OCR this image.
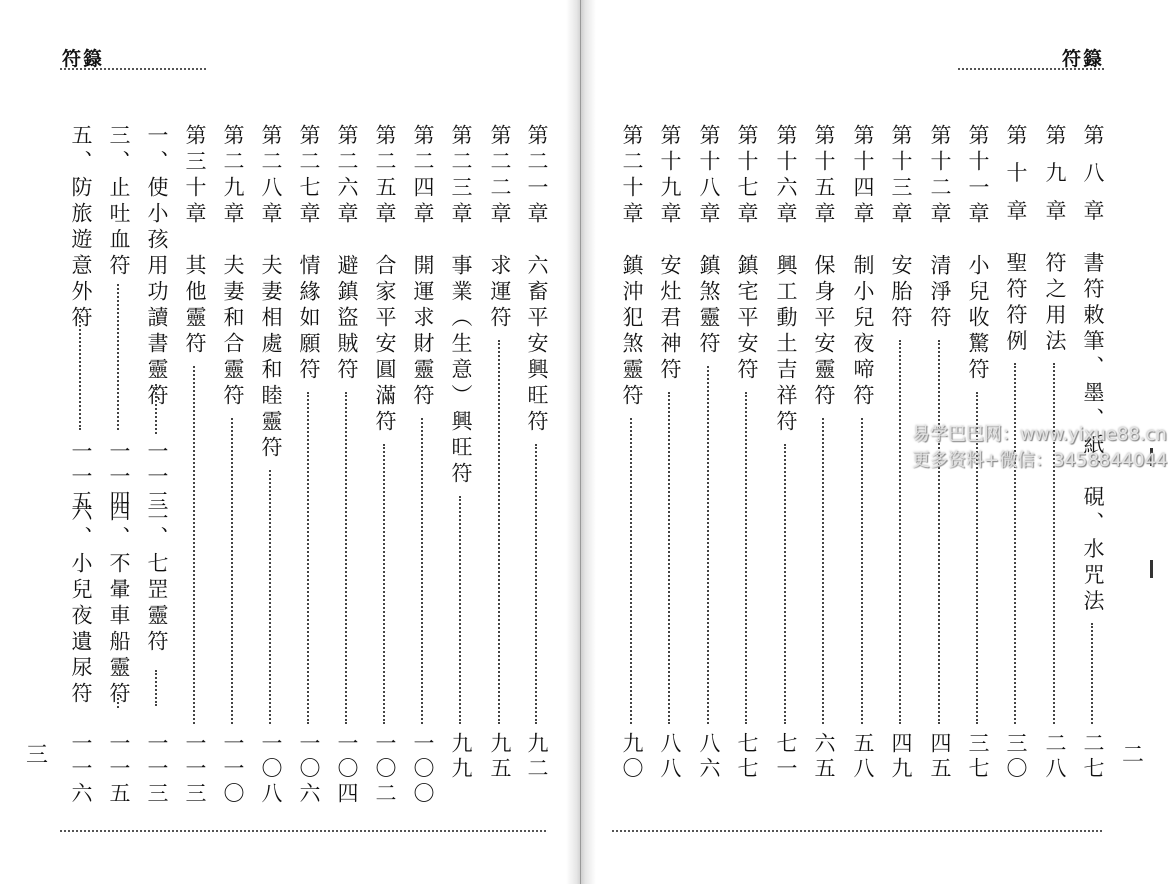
符籙	符籙
三	二
第 八 章　書符敕筆、墨、紙、硯、水咒法
二七
第 九 章　符之用法
二八
第 十 章　聖符符例
三〇
第十一章　小兒收驚符
三七
第十二章　清淨符
四五
第十三章　安胎符
四九
第十四章　制小兒夜啼符
五八
第十五章　保身平安靈符
六五
第十六章　興工動土吉祥符
七一
第十七章　鎮宅平安符
七七
第十八章　鎮煞靈符
八六
第十九章　安灶君神符
八八
第二十章　鎮沖犯煞靈符
九〇
第二一章　六畜平安興旺符
九二
第二二章　求運符
九五
第二三章　事業（生意）興旺符
九九
第二四章　開運求財靈符
一〇〇
第二五章　合家平安圓滿符
一〇二
第二六章　避鎮盜賊符
一〇四
第二七章　情緣如願符
一〇六
第二八章　夫妻相處和睦靈符
一〇八
第二九章　夫妻和合靈符
一一〇
第三十章　其他靈符
一一三
一、使小孩用功讀書靈符
二、七罡靈符
一一三
一一三
三、止吐血符
四、不暈車船靈符
一一四
一一五
五、防旅遊意外符
六、小兒夜遺尿符
一一五
一一六
易学巴巴网：www.yixue88.cn
更多资料+微信：3458844044
